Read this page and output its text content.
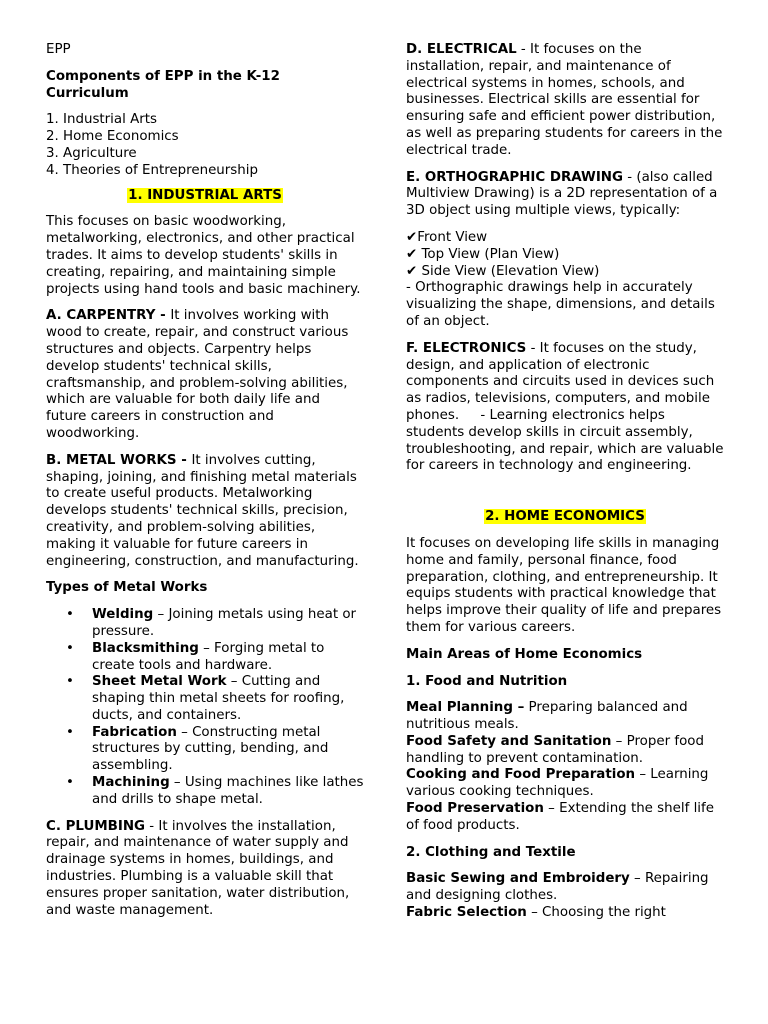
EPP

Components of EPP in the K-12 Curriculum

1. Industrial Arts
2. Home Economics
3. Agriculture
4. Theories of Entrepreneurship

1. INDUSTRIAL ARTS

This focuses on basic woodworking, metalworking, electronics, and other practical trades. It aims to develop students' skills in creating, repairing, and maintaining simple projects using hand tools and basic machinery.

A. CARPENTRY - It involves working with wood to create, repair, and construct various structures and objects. Carpentry helps develop students' technical skills, craftsmanship, and problem-solving abilities, which are valuable for both daily life and future careers in construction and woodworking.

B. METAL WORKS - It involves cutting, shaping, joining, and finishing metal materials to create useful products. Metalworking develops students' technical skills, precision, creativity, and problem-solving abilities, making it valuable for future careers in engineering, construction, and manufacturing.

Types of Metal Works

• Welding – Joining metals using heat or pressure.
• Blacksmithing – Forging metal to create tools and hardware.
• Sheet Metal Work – Cutting and shaping thin metal sheets for roofing, ducts, and containers.
• Fabrication – Constructing metal structures by cutting, bending, and assembling.
• Machining – Using machines like lathes and drills to shape metal.

C. PLUMBING - It involves the installation, repair, and maintenance of water supply and drainage systems in homes, buildings, and industries. Plumbing is a valuable skill that ensures proper sanitation, water distribution, and waste management.

D. ELECTRICAL - It focuses on the installation, repair, and maintenance of electrical systems in homes, schools, and businesses. Electrical skills are essential for ensuring safe and efficient power distribution, as well as preparing students for careers in the electrical trade.

E. ORTHOGRAPHIC DRAWING - (also called Multiview Drawing) is a 2D representation of a 3D object using multiple views, typically:

✔Front View
✔ Top View (Plan View)
✔ Side View (Elevation View)

- Orthographic drawings help in accurately visualizing the shape, dimensions, and details of an object.

F. ELECTRONICS - It focuses on the study, design, and application of electronic components and circuits used in devices such as radios, televisions, computers, and mobile phones.     - Learning electronics helps students develop skills in circuit assembly, troubleshooting, and repair, which are valuable for careers in technology and engineering.

2. HOME ECONOMICS

It focuses on developing life skills in managing home and family, personal finance, food preparation, clothing, and entrepreneurship. It equips students with practical knowledge that helps improve their quality of life and prepares them for various careers.

Main Areas of Home Economics

1. Food and Nutrition

Meal Planning – Preparing balanced and nutritious meals.

Food Safety and Sanitation – Proper food handling to prevent contamination.

Cooking and Food Preparation – Learning various cooking techniques.

Food Preservation – Extending the shelf life of food products.

2. Clothing and Textile

Basic Sewing and Embroidery – Repairing and designing clothes.

Fabric Selection – Choosing the right
